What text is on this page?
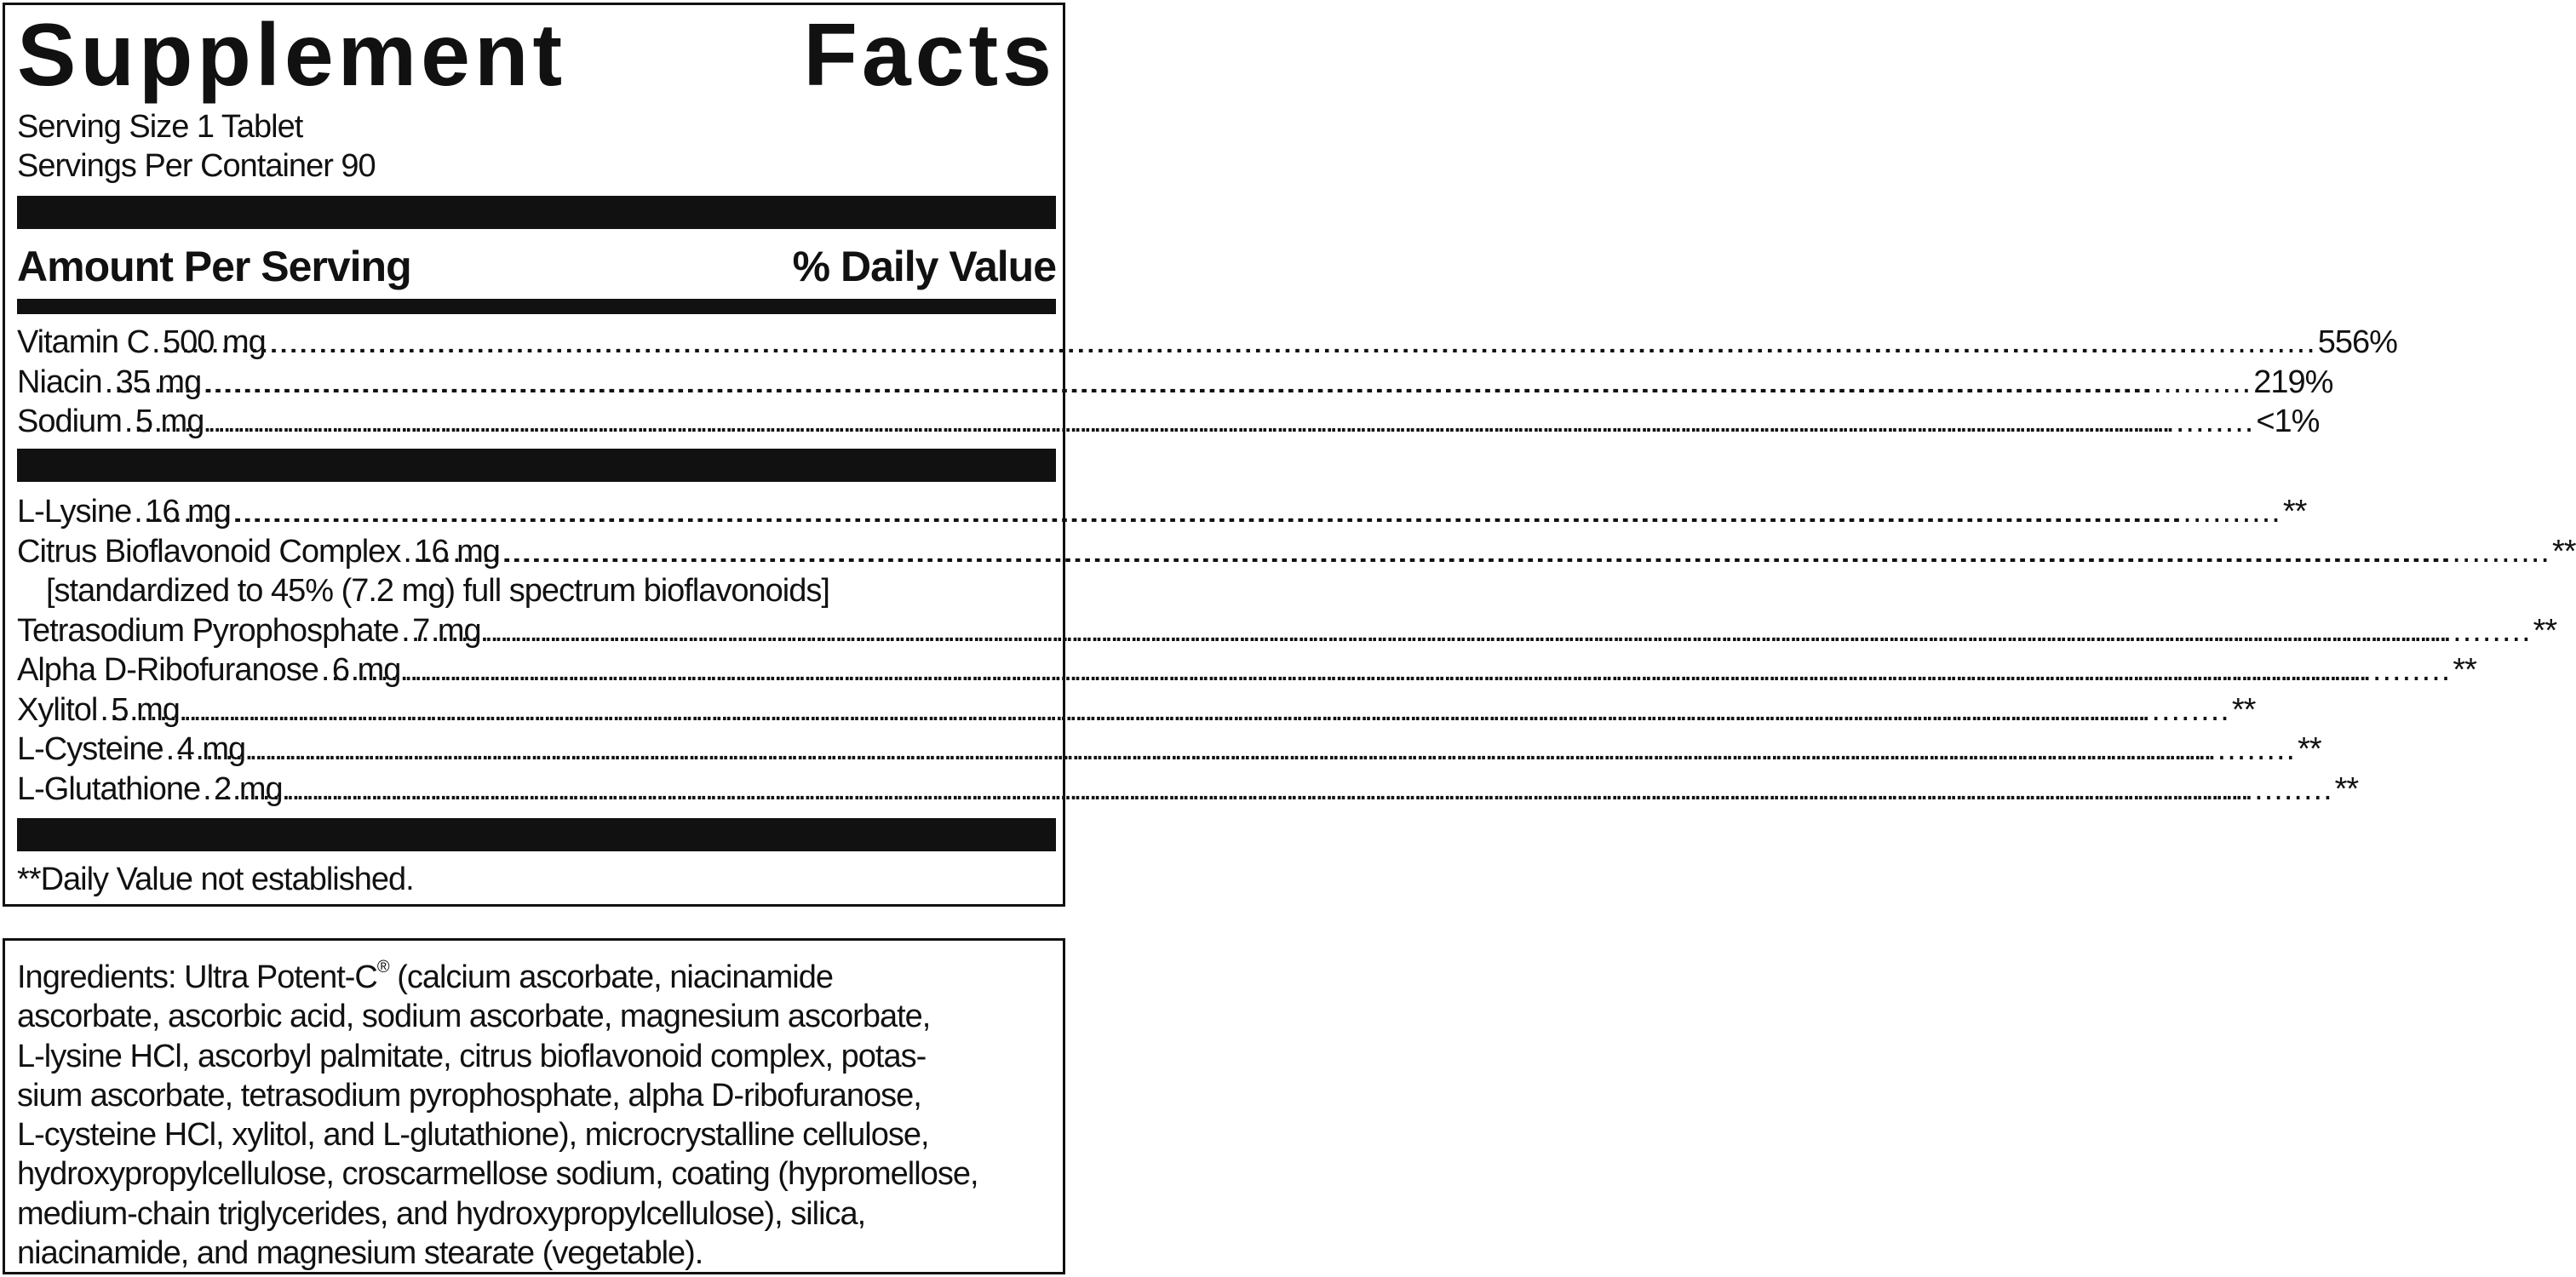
Supplement	Facts
Serving Size 1 Tablet
Servings Per Container 90
Amount Per Serving	% Daily Value
Vitamin C ..... 500 mg .....	556%
Niacin ..... 35 mg .....	219%
Sodium ..... 5 mg .....	<1%
L-Lysine ..... 16 mg .....	**
Citrus Bioflavonoid Complex ..... 16 mg .....	**
[standardized to 45% (7.2 mg) full spectrum bioflavonoids]
Tetrasodium Pyrophosphate ..... 7 mg .....	**
Alpha D-Ribofuranose ..... 6 mg .....	**
Xylitol ..... 5 mg .....	**
L-Cysteine ..... 4 mg .....	**
L-Glutathione ..... 2 mg .....	**
**Daily Value not established.
Ingredients: Ultra Potent-C® (calcium ascorbate, niacinamide
ascorbate, ascorbic acid, sodium ascorbate, magnesium ascorbate,
L-lysine HCl, ascorbyl palmitate, citrus bioflavonoid complex, potas-
sium ascorbate, tetrasodium pyrophosphate, alpha D-ribofuranose,
L-cysteine HCl, xylitol, and L-glutathione), microcrystalline cellulose,
hydroxypropylcellulose, croscarmellose sodium, coating (hypromellose,
medium-chain triglycerides, and hydroxypropylcellulose), silica,
niacinamide, and magnesium stearate (vegetable).
